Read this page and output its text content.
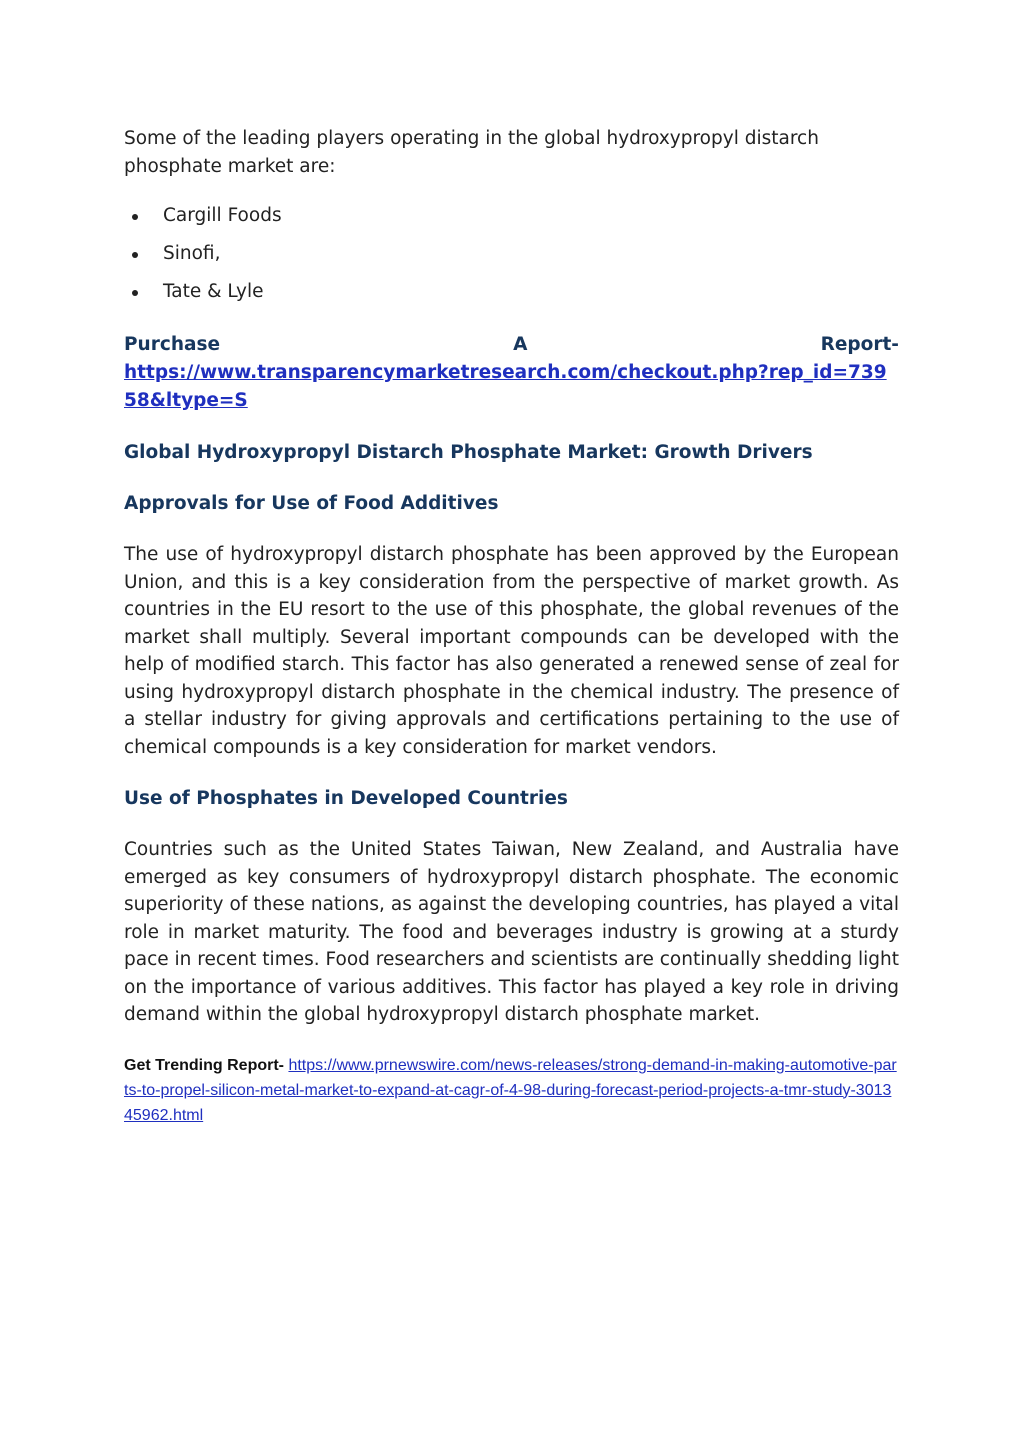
Some of the leading players operating in the global hydroxypropyl distarch phosphate market are:

Cargill Foods
Sinofi,
Tate & Lyle
Purchase	A	Report-
https://www.transparencymarketresearch.com/checkout.php?rep_id=73958&ltype=S
Global Hydroxypropyl Distarch Phosphate Market: Growth Drivers
Approvals for Use of Food Additives

The use of hydroxypropyl distarch phosphate has been approved by the European Union, and this is a key consideration from the perspective of market growth. As countries in the EU resort to the use of this phosphate, the global revenues of the market shall multiply. Several important compounds can be developed with the help of modified starch. This factor has also generated a renewed sense of zeal for using hydroxypropyl distarch phosphate in the chemical industry. The presence of a stellar industry for giving approvals and certifications pertaining to the use of chemical compounds is a key consideration for market vendors.

Use of Phosphates in Developed Countries

Countries such as the United States Taiwan, New Zealand, and Australia have emerged as key consumers of hydroxypropyl distarch phosphate. The economic superiority of these nations, as against the developing countries, has played a vital role in market maturity. The food and beverages industry is growing at a sturdy pace in recent times. Food researchers and scientists are continually shedding light on the importance of various additives. This factor has played a key role in driving demand within the global hydroxypropyl distarch phosphate market.

Get Trending Report- https://www.prnewswire.com/news-releases/strong-demand-in-making-automotive-parts-to-propel-silicon-metal-market-to-expand-at-cagr-of-4-98-during-forecast-period-projects-a-tmr-study-301345962.html
